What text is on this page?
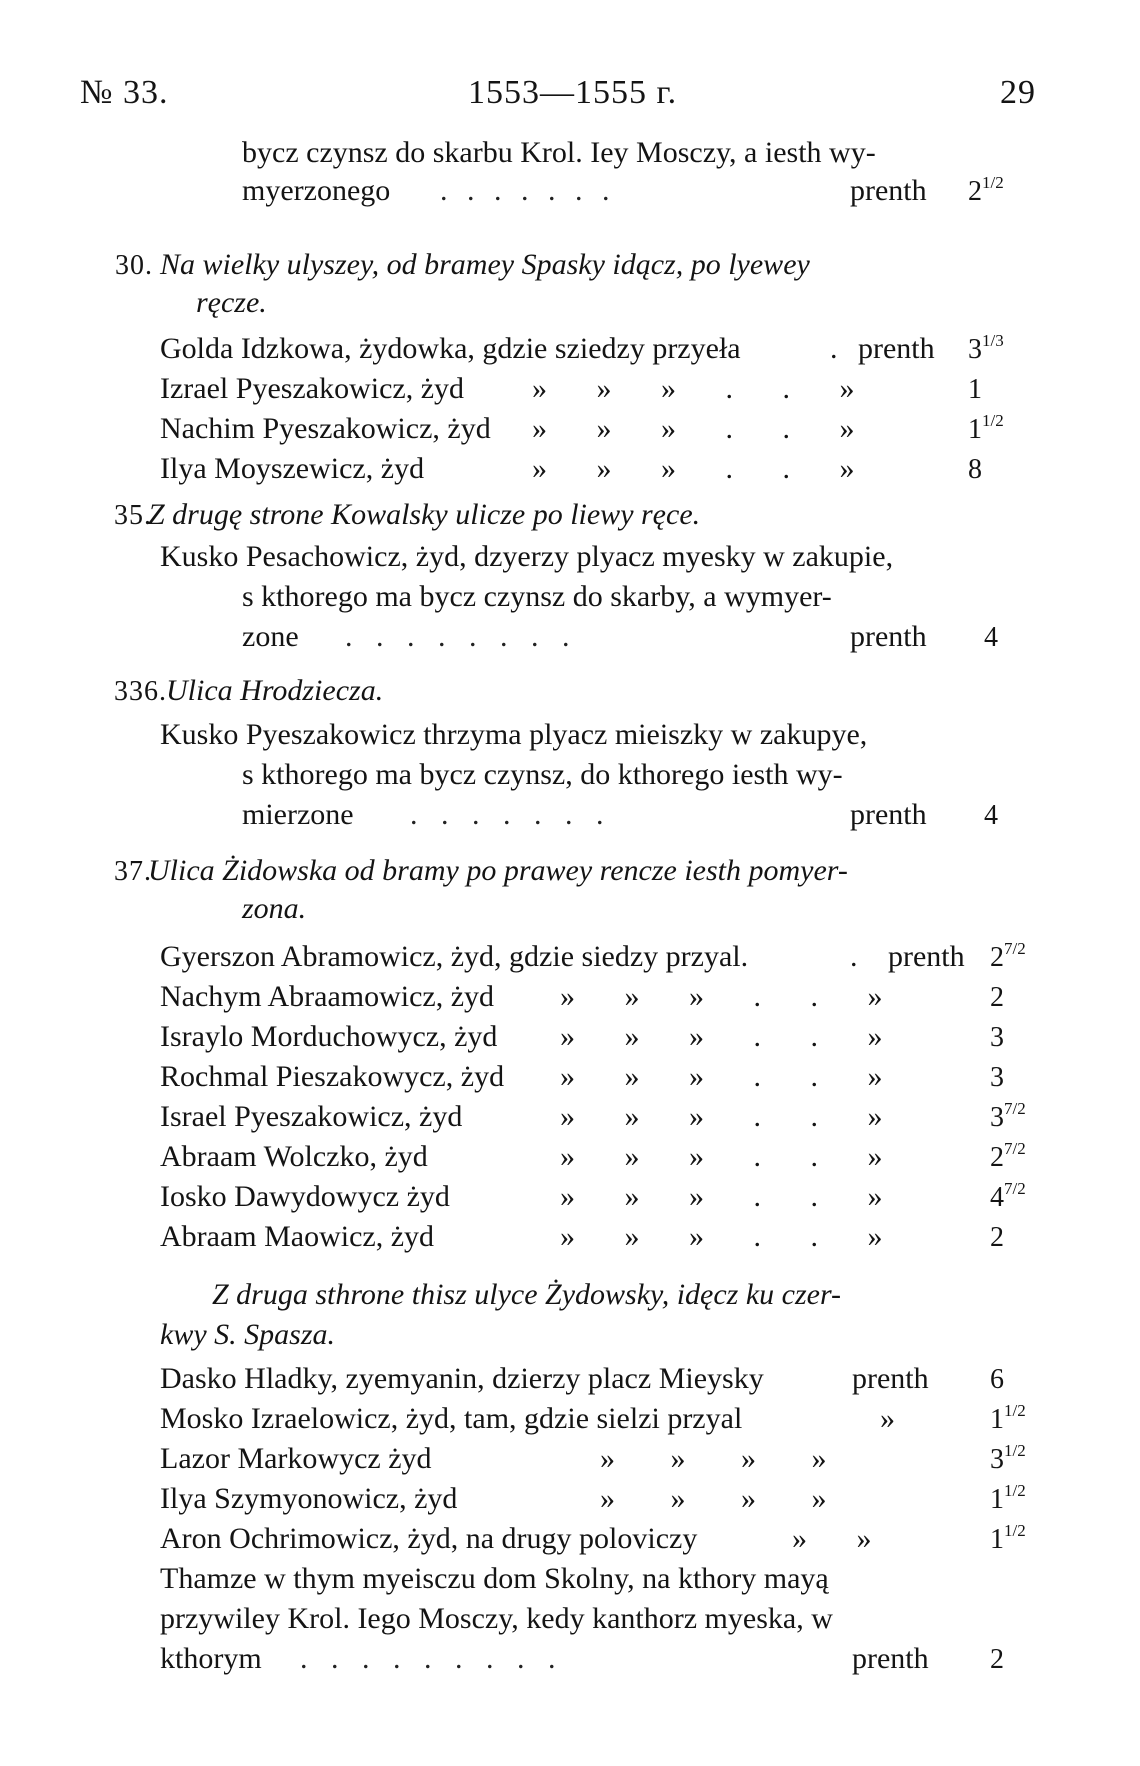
№ 33.	1553—1555 г.	29
bycz czynsz do skarbu Krol. Iey Mosczy, a iesth wy-
myerzonego . . . . . . .	prenth $2^{1/2}$
30. Na wielky ulyszey, od bramey Spasky idącz, po lyewey
ręcze.
Golda Idzkowa, żydowka, gdzie sziedzy przyeła	. prenth $3^{1/3}$
Izrael Pyeszakowicz, żyd » » » . . »	1
Nachim Pyeszakowicz, żyd » » » . . »	$1^{1/2}$
Ilya Moyszewicz, żyd	» » » . . »	8
35.
Z drugę strone Kowalsky ulicze po liewy ręce.
Kusko Pesachowicz, żyd, dzyerzy plyacz myesky w zakupie,
s kthorego ma bycz czynsz do skarby, a wymyer-
zone . . . . . . . .	prenth 4
336. Ulica Hrodziecza.
Kusko Pyeszakowicz thrzyma plyacz mieiszky w zakupye,
s kthorego ma bycz czynsz, do kthorego iesth wy-
mierzone . . . . . . .	prenth 4
37.
Ulica Żidowska od bramy po prawey rencze iesth pomyer-
zona.
Gyerszon Abramowicz, żyd, gdzie siedzy przyal.	. prenth $2^{7/2}$
Nachym Abraamowicz, żyd » » » . . »	2
Israylo Morduchowycz, żyd » » » . . »	3
Rochmal Pieszakowycz, żyd » » » . . »	3
Israel Pyeszakowicz, żyd	» » » . . »	$3^{7/2}$
Abraam Wolczko, żyd	» » » . . »	$2^{7/2}$
Iosko Dawydowycz żyd	» » » . . »	$4^{7/2}$
Abraam Maowicz, żyd	» » » . . »	2
Z druga sthrone thisz ulyce Żydowsky, idęcz ku czer-
kwy S. Spasza.
Dasko Hladky, zyemyanin, dzierzy placz Mieysky	prenth 6
Mosko Izraelowicz, żyd, tam, gdzie sielzi przyal	»	$1^{1/2}$
Lazor Markowycz żyd	» » » »	$3^{1/2}$
Ilya Szymyonowicz, żyd	» » » »	$1^{1/2}$
Aron Ochrimowicz, żyd, na drugy poloviczy	» »	$1^{1/2}$
Thamze w thym myeisczu dom Skolny, na kthory mayą
przywiley Krol. Iego Mosczy, kedy kanthorz myeska, w
kthorym . . . . . . . . .	prenth 2
